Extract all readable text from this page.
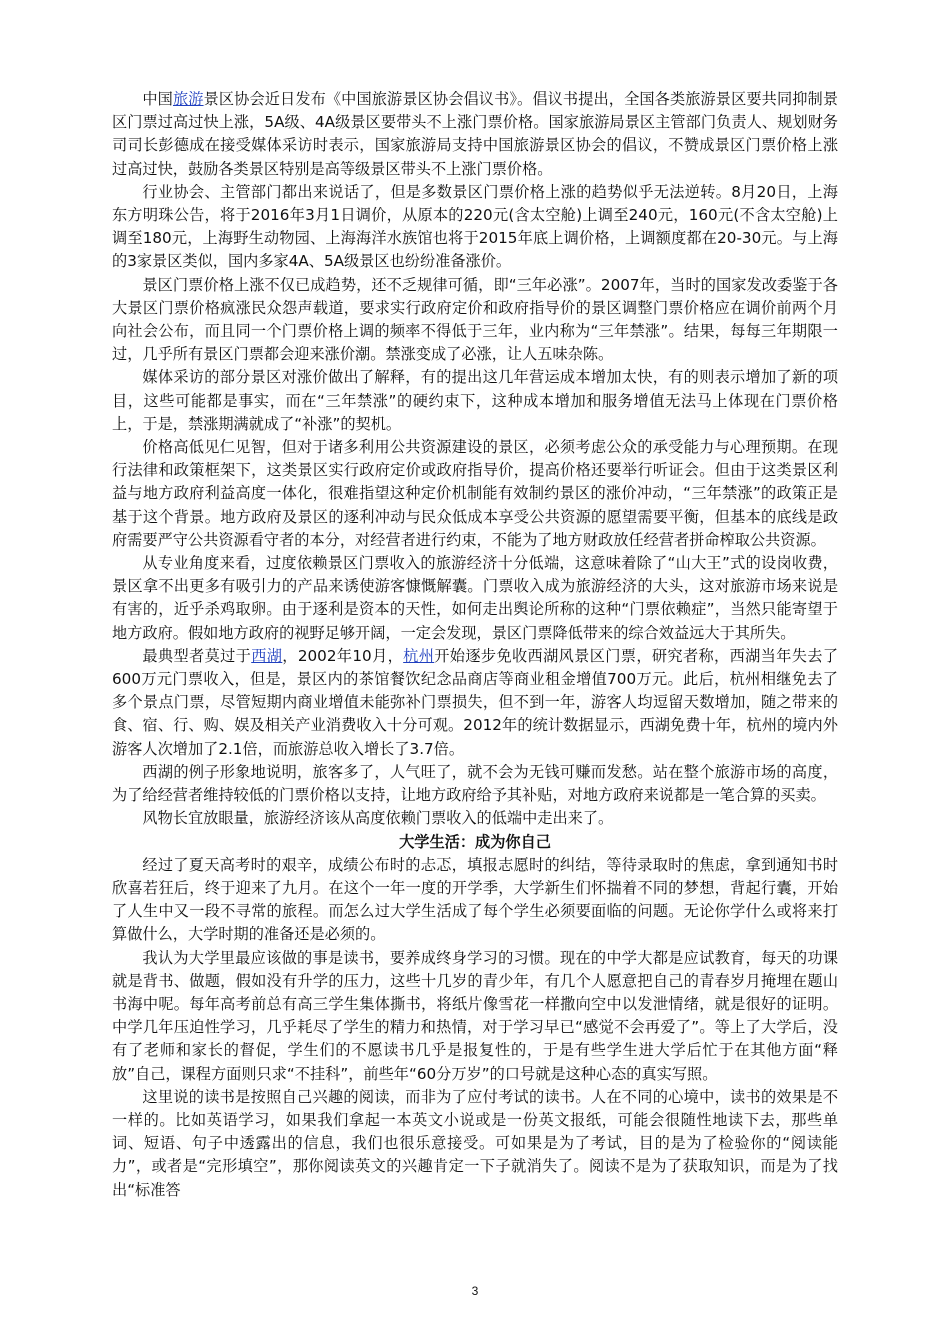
中国旅游景区协会近日发布《中国旅游景区协会倡议书》。倡议书提出，全国各类旅游景区要共同抑制景区门票过高过快上涨，5A级、4A级景区要带头不上涨门票价格。国家旅游局景区主管部门负责人、规划财务司司长彭德成在接受媒体采访时表示，国家旅游局支持中国旅游景区协会的倡议，不赞成景区门票价格上涨过高过快，鼓励各类景区特别是高等级景区带头不上涨门票价格。

行业协会、主管部门都出来说话了，但是多数景区门票价格上涨的趋势似乎无法逆转。8月20日，上海东方明珠公告，将于2016年3月1日调价，从原本的220元(含太空舱)上调至240元，160元(不含太空舱)上调至180元，上海野生动物园、上海海洋水族馆也将于2015年底上调价格，上调额度都在20-30元。与上海的3家景区类似，国内多家4A、5A级景区也纷纷准备涨价。

景区门票价格上涨不仅已成趋势，还不乏规律可循，即“三年必涨”。2007年，当时的国家发改委鉴于各大景区门票价格疯涨民众怨声载道，要求实行政府定价和政府指导价的景区调整门票价格应在调价前两个月向社会公布，而且同一个门票价格上调的频率不得低于三年，业内称为“三年禁涨”。结果，每每三年期限一过，几乎所有景区门票都会迎来涨价潮。禁涨变成了必涨，让人五味杂陈。

媒体采访的部分景区对涨价做出了解释，有的提出这几年营运成本增加太快，有的则表示增加了新的项目，这些可能都是事实，而在“三年禁涨”的硬约束下，这种成本增加和服务增值无法马上体现在门票价格上，于是，禁涨期满就成了“补涨”的契机。

价格高低见仁见智，但对于诸多利用公共资源建设的景区，必须考虑公众的承受能力与心理预期。在现行法律和政策框架下，这类景区实行政府定价或政府指导价，提高价格还要举行听证会。但由于这类景区利益与地方政府利益高度一体化，很难指望这种定价机制能有效制约景区的涨价冲动，“三年禁涨”的政策正是基于这个背景。地方政府及景区的逐利冲动与民众低成本享受公共资源的愿望需要平衡，但基本的底线是政府需要严守公共资源看守者的本分，对经营者进行约束，不能为了地方财政放任经营者拼命榨取公共资源。

从专业角度来看，过度依赖景区门票收入的旅游经济十分低端，这意味着除了“山大王”式的设岗收费，景区拿不出更多有吸引力的产品来诱使游客慷慨解囊。门票收入成为旅游经济的大头，这对旅游市场来说是有害的，近乎杀鸡取卵。由于逐利是资本的天性，如何走出舆论所称的这种“门票依赖症”，当然只能寄望于地方政府。假如地方政府的视野足够开阔，一定会发现，景区门票降低带来的综合效益远大于其所失。

最典型者莫过于西湖，2002年10月，杭州开始逐步免收西湖风景区门票，研究者称，西湖当年失去了600万元门票收入，但是，景区内的茶馆餐饮纪念品商店等商业租金增值700万元。此后，杭州相继免去了多个景点门票，尽管短期内商业增值未能弥补门票损失，但不到一年，游客人均逗留天数增加，随之带来的食、宿、行、购、娱及相关产业消费收入十分可观。2012年的统计数据显示，西湖免费十年，杭州的境内外游客人次增加了2.1倍，而旅游总收入增长了3.7倍。

西湖的例子形象地说明，旅客多了，人气旺了，就不会为无钱可赚而发愁。站在整个旅游市场的高度，为了给经营者维持较低的门票价格以支持，让地方政府给予其补贴，对地方政府来说都是一笔合算的买卖。

风物长宜放眼量，旅游经济该从高度依赖门票收入的低端中走出来了。

大学生活：成为你自己

经过了夏天高考时的艰辛，成绩公布时的忐忑，填报志愿时的纠结，等待录取时的焦虑，拿到通知书时欣喜若狂后，终于迎来了九月。在这个一年一度的开学季，大学新生们怀揣着不同的梦想，背起行囊，开始了人生中又一段不寻常的旅程。而怎么过大学生活成了每个学生必须要面临的问题。无论你学什么或将来打算做什么，大学时期的准备还是必须的。

我认为大学里最应该做的事是读书，要养成终身学习的习惯。现在的中学大都是应试教育，每天的功课就是背书、做题，假如没有升学的压力，这些十几岁的青少年，有几个人愿意把自己的青春岁月掩埋在题山书海中呢。每年高考前总有高三学生集体撕书，将纸片像雪花一样撒向空中以发泄情绪，就是很好的证明。中学几年压迫性学习，几乎耗尽了学生的精力和热情，对于学习早已“感觉不会再爱了”。等上了大学后，没有了老师和家长的督促，学生们的不愿读书几乎是报复性的，于是有些学生进大学后忙于在其他方面“释放”自己，课程方面则只求“不挂科”，前些年“60分万岁”的口号就是这种心态的真实写照。

这里说的读书是按照自己兴趣的阅读，而非为了应付考试的读书。人在不同的心境中，读书的效果是不一样的。比如英语学习，如果我们拿起一本英文小说或是一份英文报纸，可能会很随性地读下去，那些单词、短语、句子中透露出的信息，我们也很乐意接受。可如果是为了考试，目的是为了检验你的“阅读能力”，或者是“完形填空”，那你阅读英文的兴趣肯定一下子就消失了。阅读不是为了获取知识，而是为了找出“标准答

3
